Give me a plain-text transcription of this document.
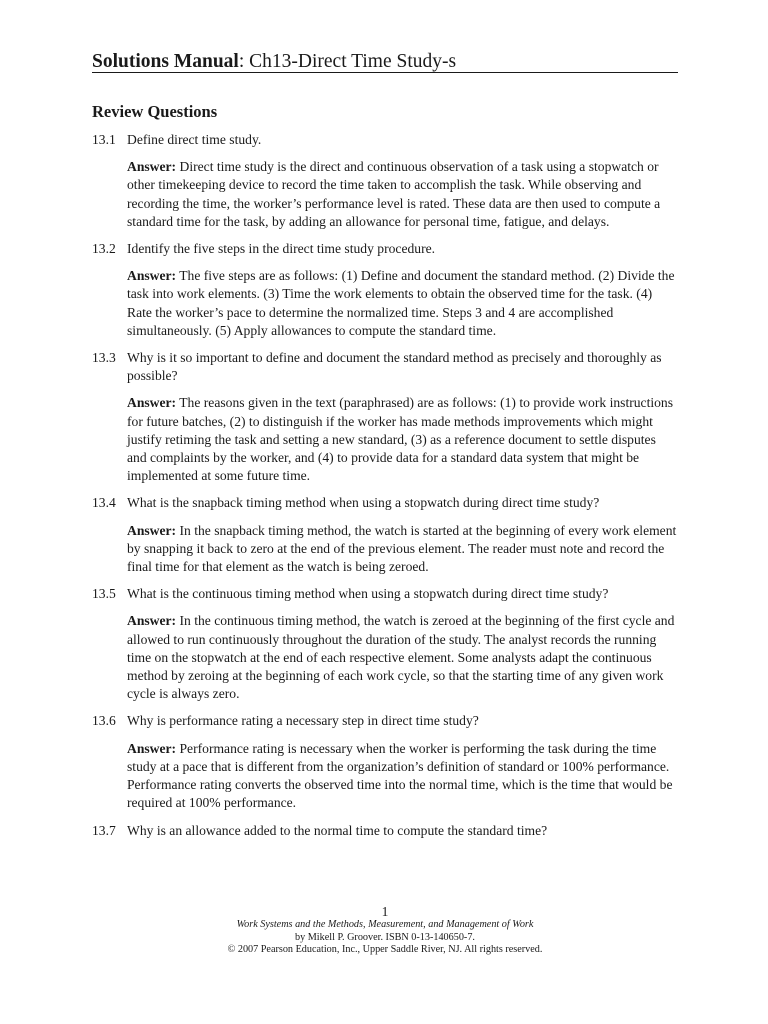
Solutions Manual: Ch13-Direct Time Study-s
Review Questions
13.1 Define direct time study.
Answer: Direct time study is the direct and continuous observation of a task using a stopwatch or other timekeeping device to record the time taken to accomplish the task. While observing and recording the time, the worker’s performance level is rated. These data are then used to compute a standard time for the task, by adding an allowance for personal time, fatigue, and delays.
13.2 Identify the five steps in the direct time study procedure.
Answer: The five steps are as follows: (1) Define and document the standard method. (2) Divide the task into work elements. (3) Time the work elements to obtain the observed time for the task. (4) Rate the worker’s pace to determine the normalized time. Steps 3 and 4 are accomplished simultaneously. (5) Apply allowances to compute the standard time.
13.3 Why is it so important to define and document the standard method as precisely and thoroughly as possible?
Answer: The reasons given in the text (paraphrased) are as follows: (1) to provide work instructions for future batches, (2) to distinguish if the worker has made methods improvements which might justify retiming the task and setting a new standard, (3) as a reference document to settle disputes and complaints by the worker, and (4) to provide data for a standard data system that might be implemented at some future time.
13.4 What is the snapback timing method when using a stopwatch during direct time study?
Answer: In the snapback timing method, the watch is started at the beginning of every work element by snapping it back to zero at the end of the previous element. The reader must note and record the final time for that element as the watch is being zeroed.
13.5 What is the continuous timing method when using a stopwatch during direct time study?
Answer: In the continuous timing method, the watch is zeroed at the beginning of the first cycle and allowed to run continuously throughout the duration of the study. The analyst records the running time on the stopwatch at the end of each respective element. Some analysts adapt the continuous method by zeroing at the beginning of each work cycle, so that the starting time of any given work cycle is always zero.
13.6 Why is performance rating a necessary step in direct time study?
Answer: Performance rating is necessary when the worker is performing the task during the time study at a pace that is different from the organization’s definition of standard or 100% performance. Performance rating converts the observed time into the normal time, which is the time that would be required at 100% performance.
13.7 Why is an allowance added to the normal time to compute the standard time?
1
Work Systems and the Methods, Measurement, and Management of Work
by Mikell P. Groover. ISBN 0-13-140650-7.
© 2007 Pearson Education, Inc., Upper Saddle River, NJ. All rights reserved.
